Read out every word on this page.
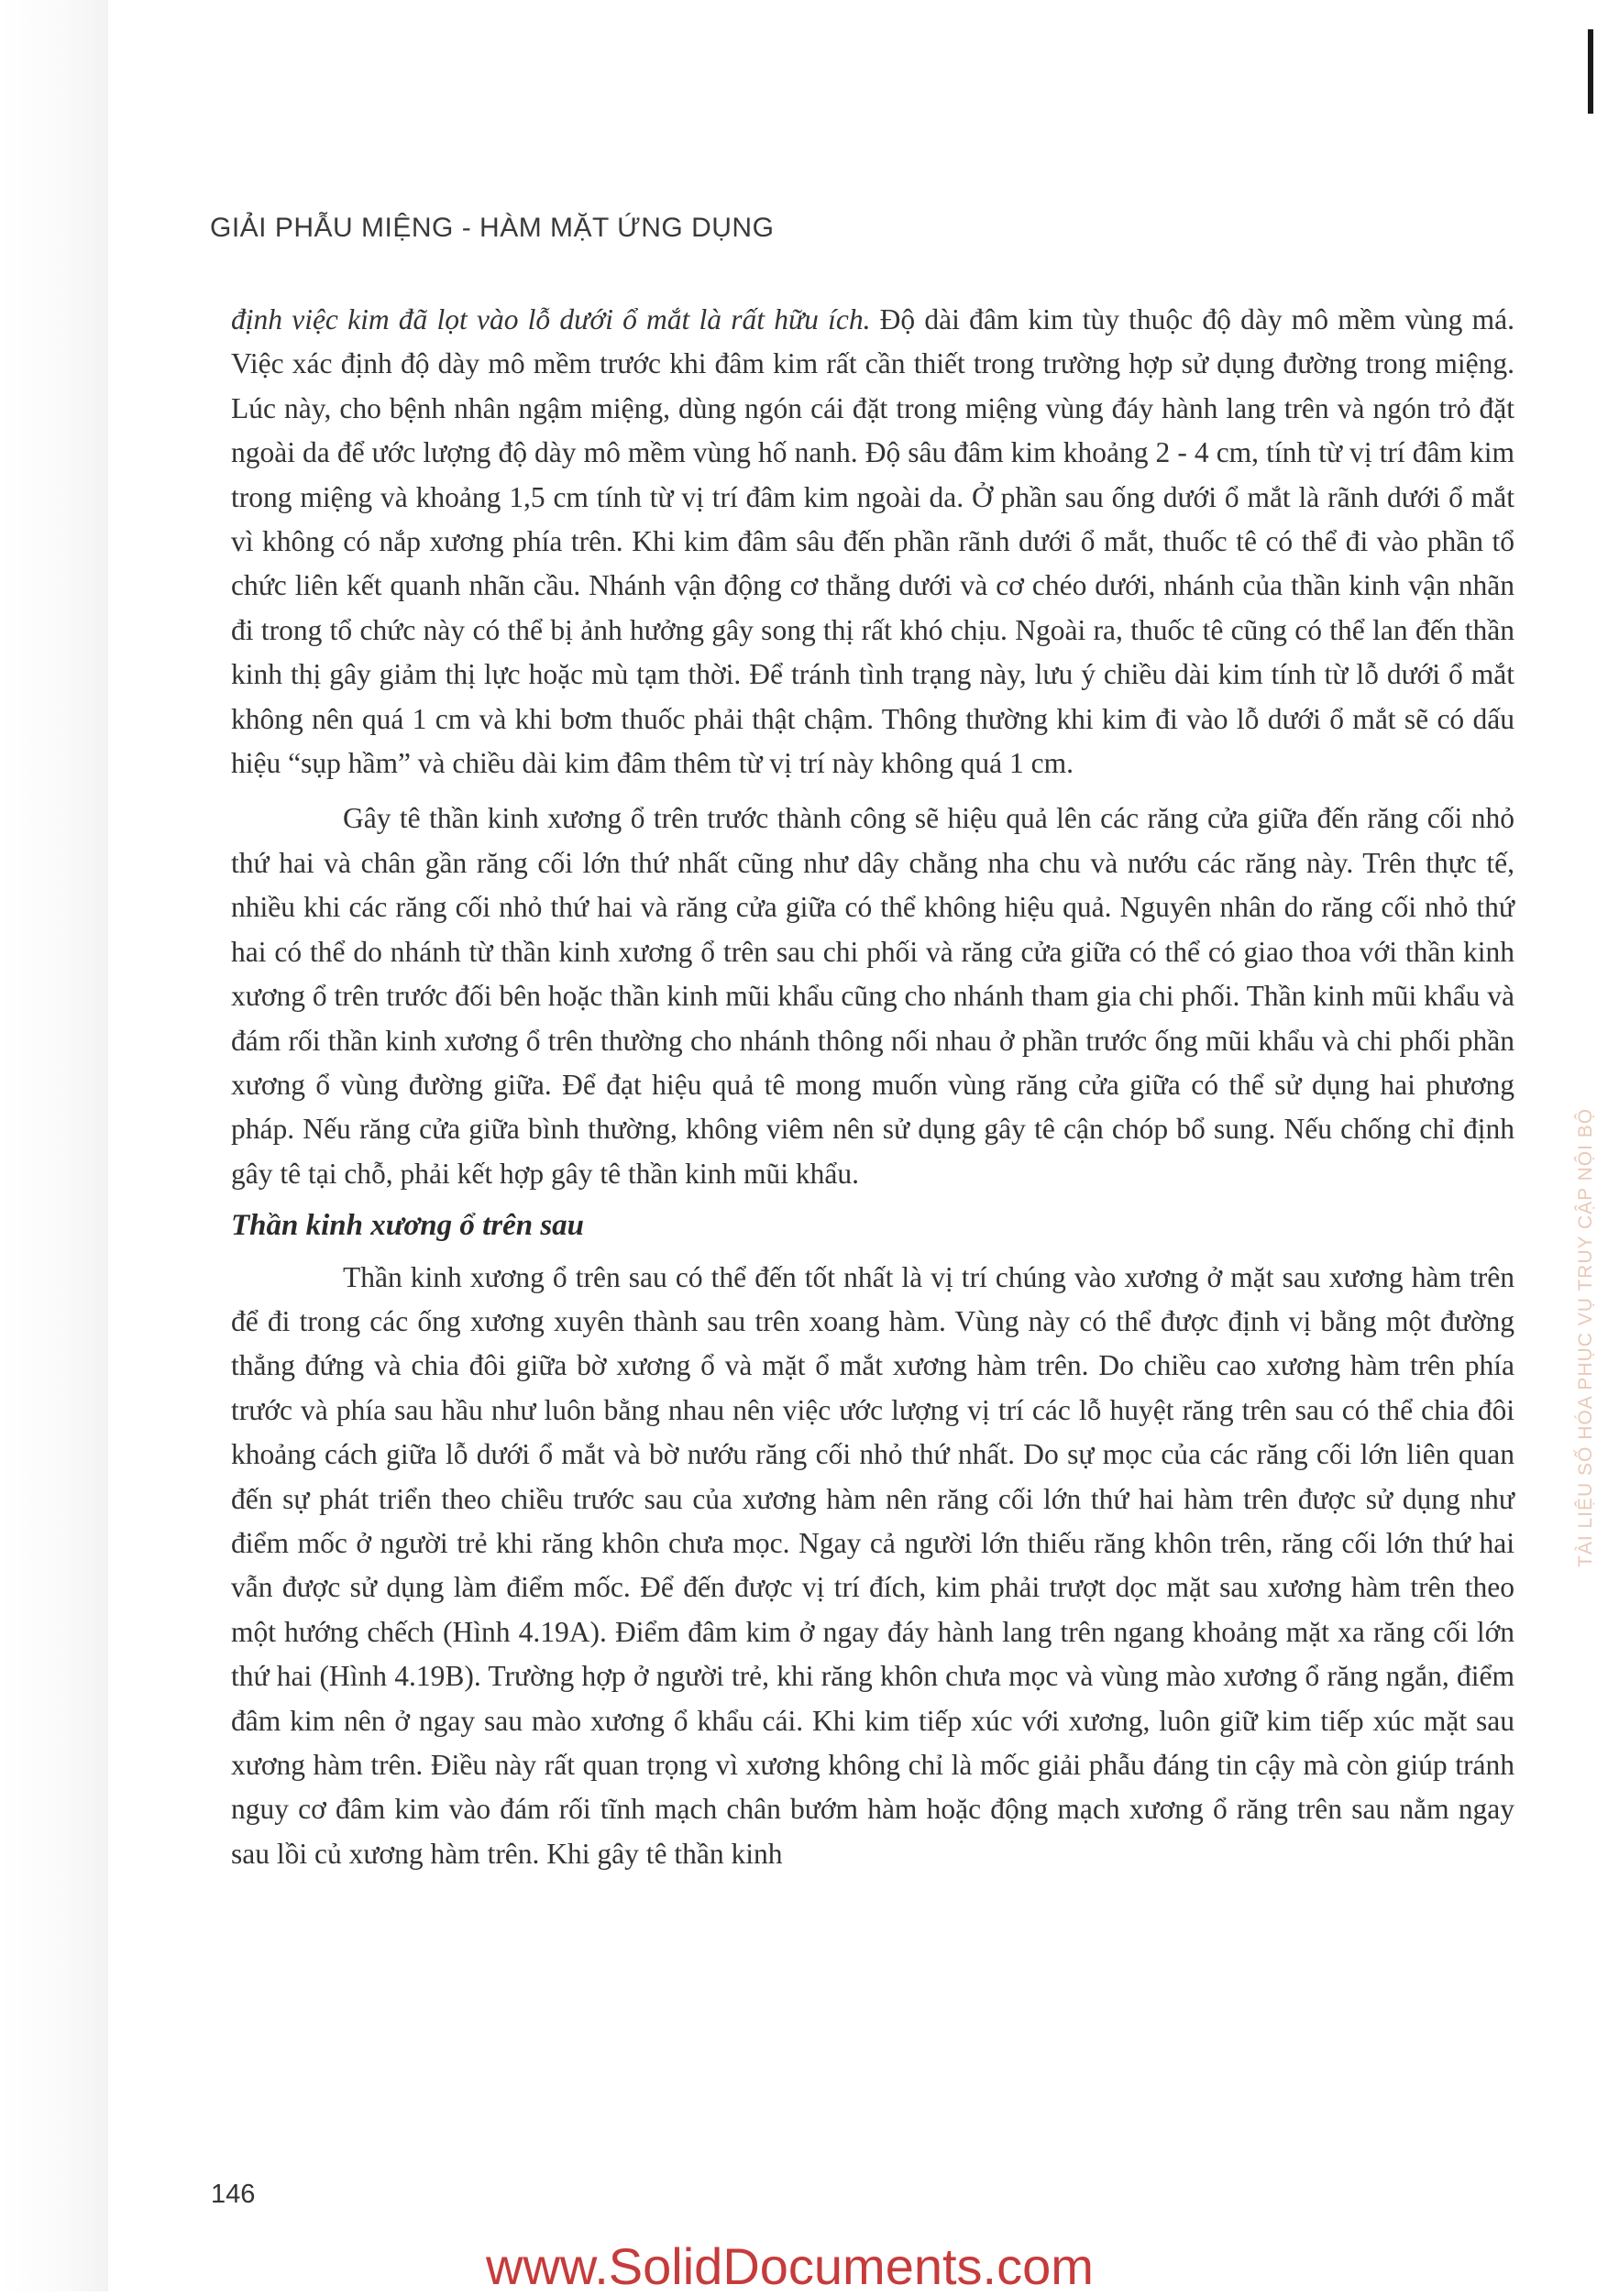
GIẢI PHẪU MIỆNG - HÀM MẶT ỨNG DỤNG

định việc kim đã lọt vào lỗ dưới ổ mắt là rất hữu ích. Độ dài đâm kim tùy thuộc độ dày mô mềm vùng má. Việc xác định độ dày mô mềm trước khi đâm kim rất cần thiết trong trường hợp sử dụng đường trong miệng. Lúc này, cho bệnh nhân ngậm miệng, dùng ngón cái đặt trong miệng vùng đáy hành lang trên và ngón trỏ đặt ngoài da để ước lượng độ dày mô mềm vùng hố nanh. Độ sâu đâm kim khoảng 2 - 4 cm, tính từ vị trí đâm kim trong miệng và khoảng 1,5 cm tính từ vị trí đâm kim ngoài da. Ở phần sau ống dưới ổ mắt là rãnh dưới ổ mắt vì không có nắp xương phía trên. Khi kim đâm sâu đến phần rãnh dưới ổ mắt, thuốc tê có thể đi vào phần tổ chức liên kết quanh nhãn cầu. Nhánh vận động cơ thẳng dưới và cơ chéo dưới, nhánh của thần kinh vận nhãn đi trong tổ chức này có thể bị ảnh hưởng gây song thị rất khó chịu. Ngoài ra, thuốc tê cũng có thể lan đến thần kinh thị gây giảm thị lực hoặc mù tạm thời. Để tránh tình trạng này, lưu ý chiều dài kim tính từ lỗ dưới ổ mắt không nên quá 1 cm và khi bơm thuốc phải thật chậm. Thông thường khi kim đi vào lỗ dưới ổ mắt sẽ có dấu hiệu “sụp hầm” và chiều dài kim đâm thêm từ vị trí này không quá 1 cm.

Gây tê thần kinh xương ổ trên trước thành công sẽ hiệu quả lên các răng cửa giữa đến răng cối nhỏ thứ hai và chân gần răng cối lớn thứ nhất cũng như dây chằng nha chu và nướu các răng này. Trên thực tế, nhiều khi các răng cối nhỏ thứ hai và răng cửa giữa có thể không hiệu quả. Nguyên nhân do răng cối nhỏ thứ hai có thể do nhánh từ thần kinh xương ổ trên sau chi phối và răng cửa giữa có thể có giao thoa với thần kinh xương ổ trên trước đối bên hoặc thần kinh mũi khẩu cũng cho nhánh tham gia chi phối. Thần kinh mũi khẩu và đám rối thần kinh xương ổ trên thường cho nhánh thông nối nhau ở phần trước ống mũi khẩu và chi phối phần xương ổ vùng đường giữa. Để đạt hiệu quả tê mong muốn vùng răng cửa giữa có thể sử dụng hai phương pháp. Nếu răng cửa giữa bình thường, không viêm nên sử dụng gây tê cận chóp bổ sung. Nếu chống chỉ định gây tê tại chỗ, phải kết hợp gây tê thần kinh mũi khẩu.

Thần kinh xương ổ trên sau

Thần kinh xương ổ trên sau có thể đến tốt nhất là vị trí chúng vào xương ở mặt sau xương hàm trên để đi trong các ống xương xuyên thành sau trên xoang hàm. Vùng này có thể được định vị bằng một đường thẳng đứng và chia đôi giữa bờ xương ổ và mặt ổ mắt xương hàm trên. Do chiều cao xương hàm trên phía trước và phía sau hầu như luôn bằng nhau nên việc ước lượng vị trí các lỗ huyệt răng trên sau có thể chia đôi khoảng cách giữa lỗ dưới ổ mắt và bờ nướu răng cối nhỏ thứ nhất. Do sự mọc của các răng cối lớn liên quan đến sự phát triển theo chiều trước sau của xương hàm nên răng cối lớn thứ hai hàm trên được sử dụng như điểm mốc ở người trẻ khi răng khôn chưa mọc. Ngay cả người lớn thiếu răng khôn trên, răng cối lớn thứ hai vẫn được sử dụng làm điểm mốc. Để đến được vị trí đích, kim phải trượt dọc mặt sau xương hàm trên theo một hướng chếch (Hình 4.19A). Điểm đâm kim ở ngay đáy hành lang trên ngang khoảng mặt xa răng cối lớn thứ hai (Hình 4.19B). Trường hợp ở người trẻ, khi răng khôn chưa mọc và vùng mào xương ổ răng ngắn, điểm đâm kim nên ở ngay sau mào xương ổ khẩu cái. Khi kim tiếp xúc với xương, luôn giữ kim tiếp xúc mặt sau xương hàm trên. Điều này rất quan trọng vì xương không chỉ là mốc giải phẫu đáng tin cậy mà còn giúp tránh nguy cơ đâm kim vào đám rối tĩnh mạch chân bướm hàm hoặc động mạch xương ổ răng trên sau nằm ngay sau lồi củ xương hàm trên. Khi gây tê thần kinh

146
TÀI LIỆU SỐ HÓA PHỤC VỤ TRUY CẬP NỘI BỘ
www.SolidDocuments.com
